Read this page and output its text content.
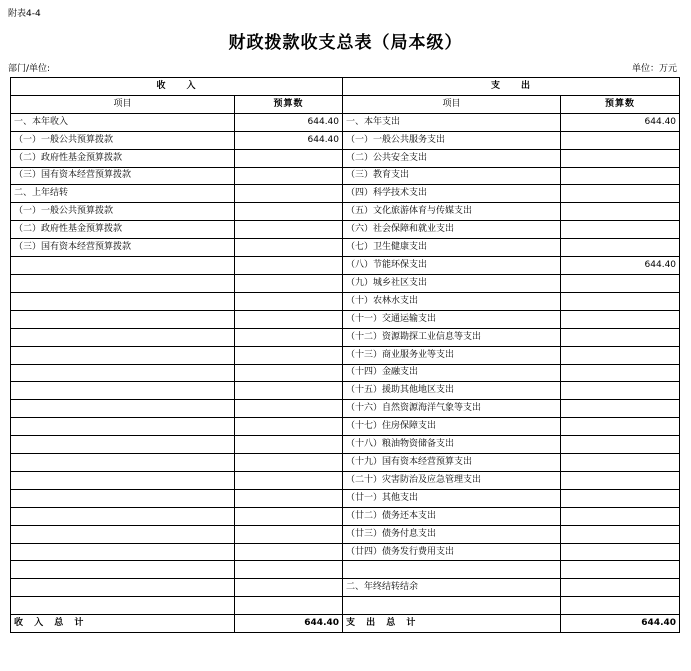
附表4-4
财政拨款收支总表（局本级）
部门/单位:	单位：万元
收　　入		支　　出	
项目	预算数	项目	预算数
一、本年收入	644.40	一、本年支出	644.40
（一）一般公共预算拨款	644.40	（一）一般公共服务支出	
（二）政府性基金预算拨款		（二）公共安全支出	
（三）国有资本经营预算拨款		（三）教育支出	
二、上年结转		（四）科学技术支出	
（一）一般公共预算拨款		（五）文化旅游体育与传媒支出	
（二）政府性基金预算拨款		（六）社会保障和就业支出	
（三）国有资本经营预算拨款		（七）卫生健康支出	
		（八）节能环保支出	644.40
		（九）城乡社区支出	
		（十）农林水支出	
		（十一）交通运输支出	
		（十二）资源勘探工业信息等支出	
		（十三）商业服务业等支出	
		（十四）金融支出	
		（十五）援助其他地区支出	
		（十六）自然资源海洋气象等支出	
		（十七）住房保障支出	
		（十八）粮油物资储备支出	
		（十九）国有资本经营预算支出	
		（二十）灾害防治及应急管理支出	
		（廿一）其他支出	
		（廿二）债务还本支出	
		（廿三）债务付息支出	
		（廿四）债务发行费用支出	

		二、年终结转结余	

收 入 总 计	644.40	支 出 总 计	644.40
